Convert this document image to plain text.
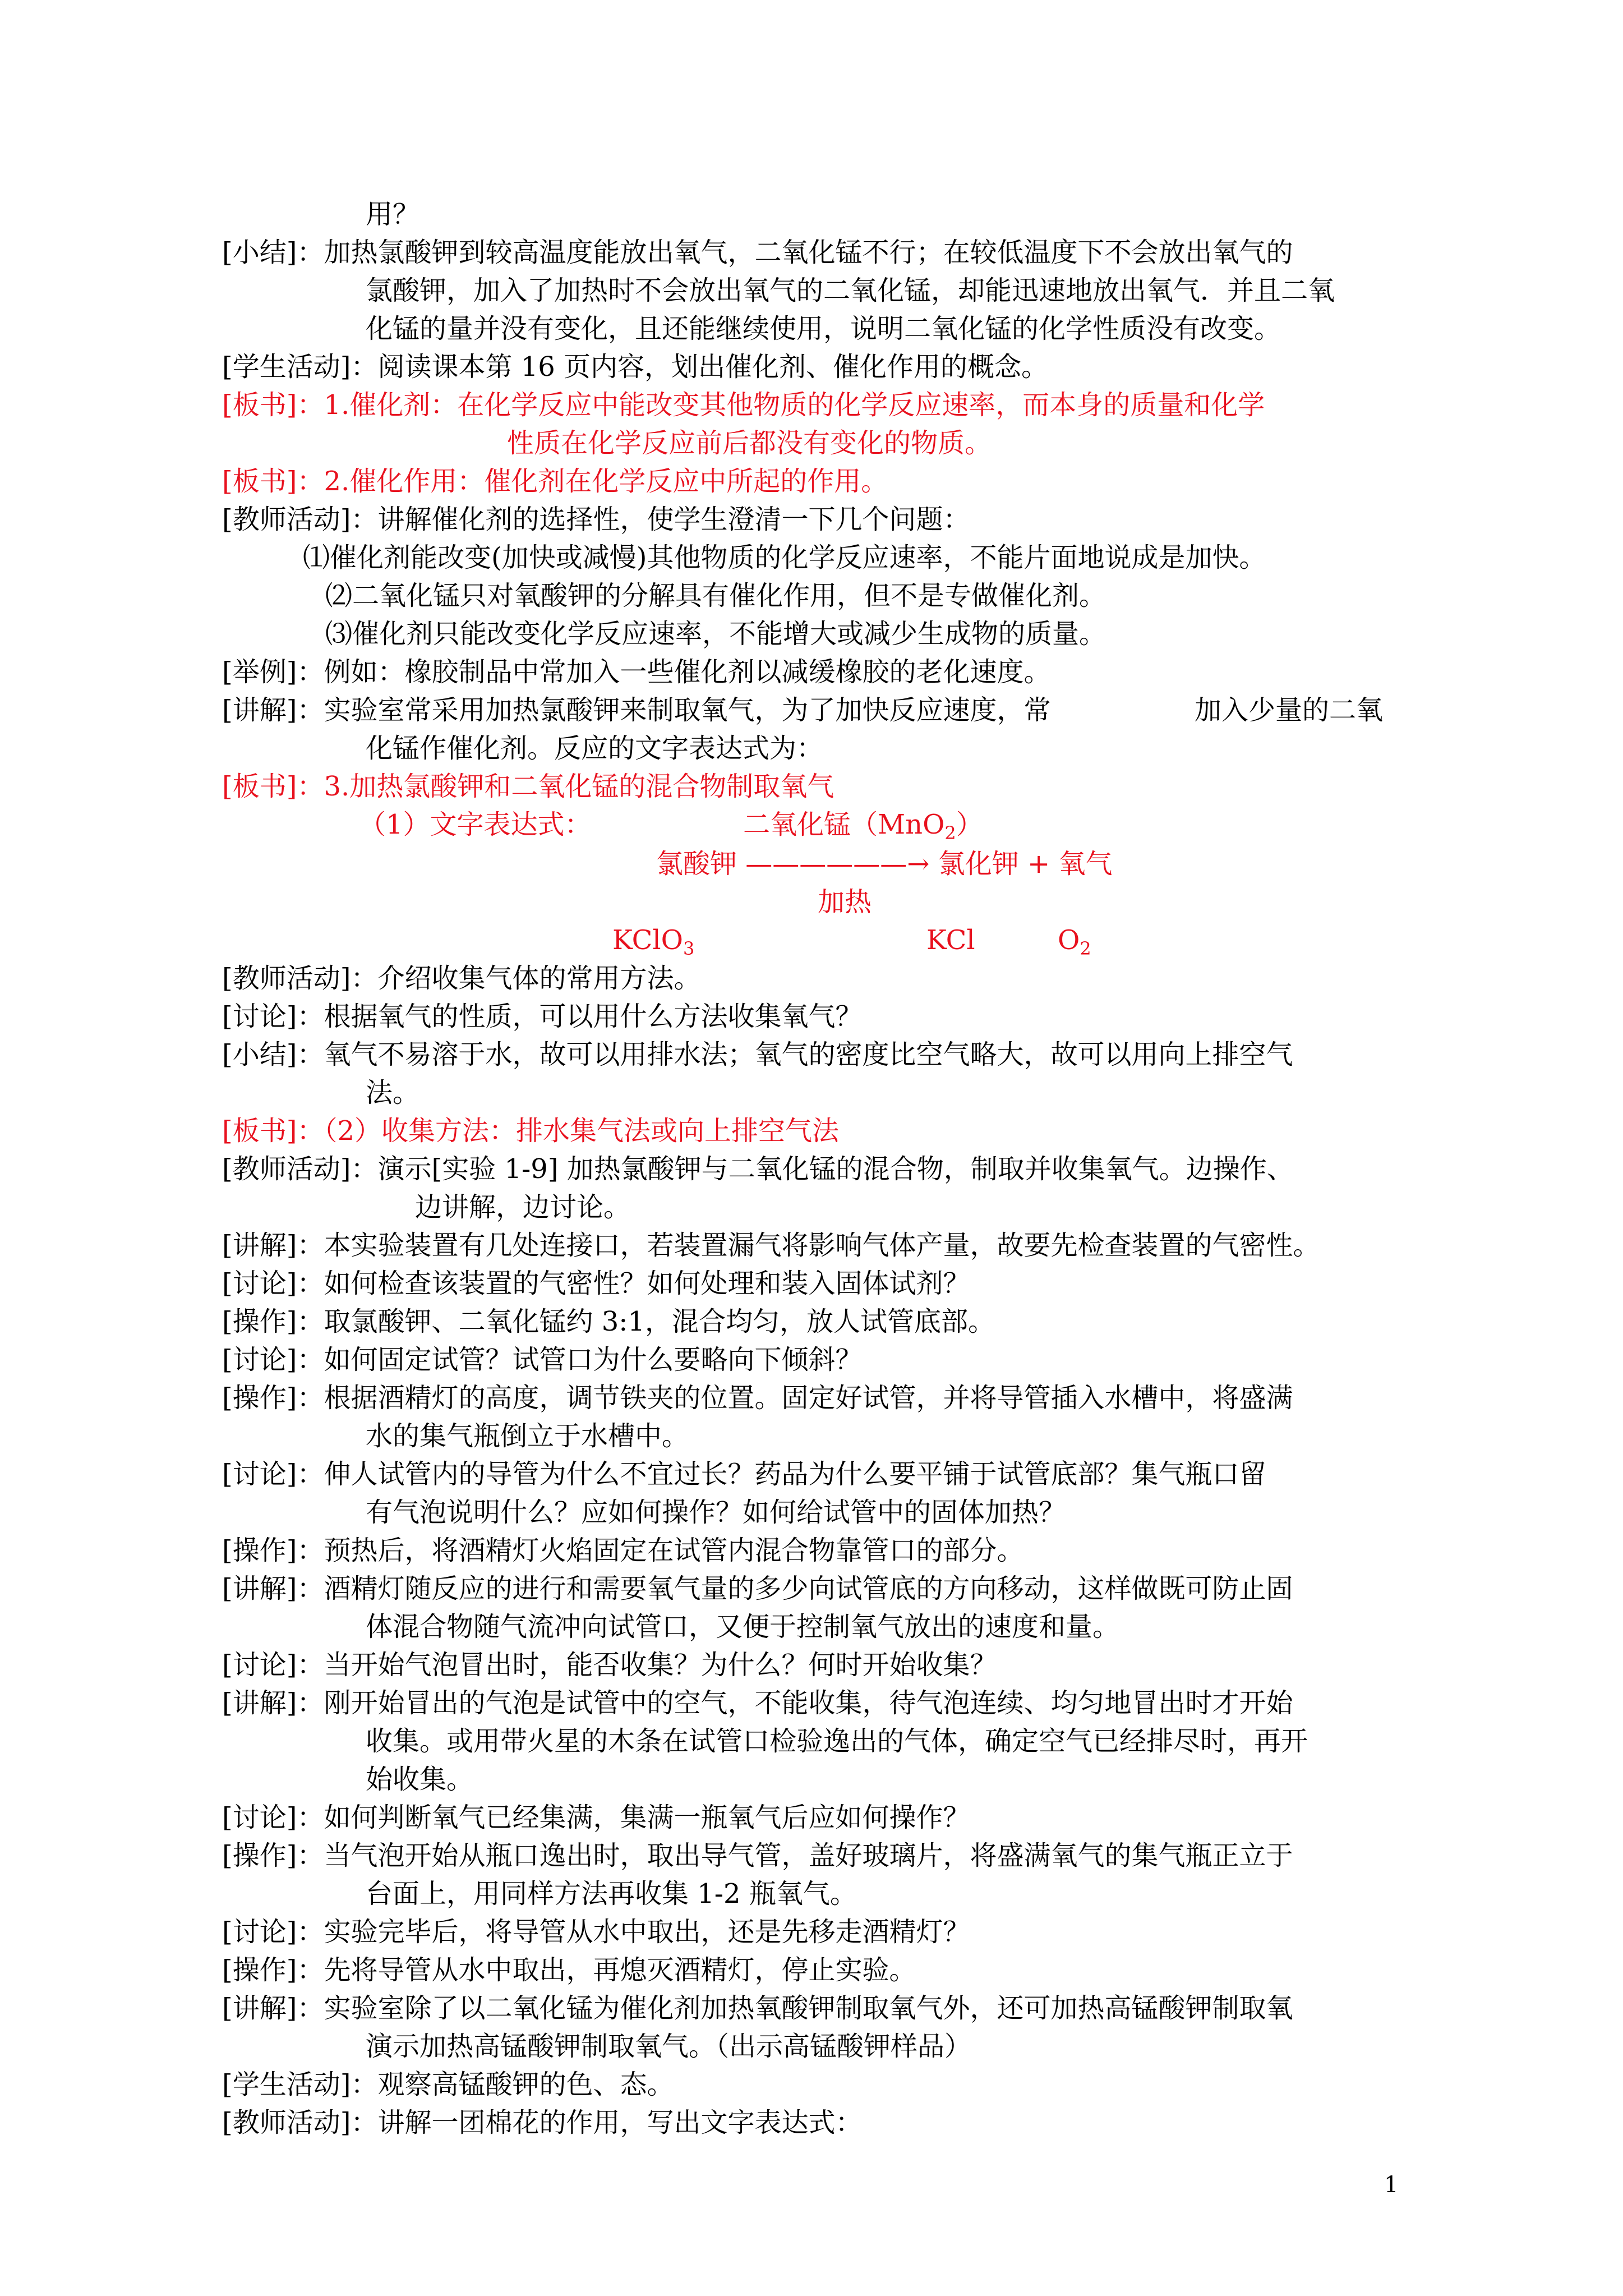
用？
[小结]：加热氯酸钾到较高温度能放出氧气，二氧化锰不行；在较低温度下不会放出氧气的
氯酸钾，加入了加热时不会放出氧气的二氧化锰，却能迅速地放出氧气．并且二氧
化锰的量并没有变化，且还能继续使用，说明二氧化锰的化学性质没有改变。
[学生活动]：阅读课本第 16 页内容，划出催化剂、催化作用的概念。
[板书]：1.催化剂：在化学反应中能改变其他物质的化学反应速率，而本身的质量和化学
性质在化学反应前后都没有变化的物质。
[板书]：2.催化作用：催化剂在化学反应中所起的作用。
[教师活动]：讲解催化剂的选择性，使学生澄清一下几个问题：
⑴催化剂能改变(加快或减慢)其他物质的化学反应速率，不能片面地说成是加快。
⑵二氧化锰只对氧酸钾的分解具有催化作用，但不是专做催化剂。
⑶催化剂只能改变化学反应速率，不能增大或减少生成物的质量。
[举例]：例如：橡胶制品中常加入一些催化剂以减缓橡胶的老化速度。
[讲解]：实验室常采用加热氯酸钾来制取氧气，为了加快反应速度，常	加入少量的二氧
化锰作催化剂。反应的文字表达式为：
[板书]：3.加热氯酸钾和二氧化锰的混合物制取氧气
（1）文字表达式：	二氧化锰（MnO$_2$）
氯酸钾 ——————→ 氯化钾 + 氧气
加热
KClO$_3$	KCl	$O_2$
[教师活动]：介绍收集气体的常用方法。
[讨论]：根据氧气的性质，可以用什么方法收集氧气？
[小结]：氧气不易溶于水，故可以用排水法；氧气的密度比空气略大，故可以用向上排空气
法。
[板书]：（2）收集方法：排水集气法或向上排空气法
[教师活动]：演示[实验 1-9] 加热氯酸钾与二氧化锰的混合物，制取并收集氧气。边操作、
边讲解，边讨论。
[讲解]：本实验装置有几处连接口，若装置漏气将影响气体产量，故要先检查装置的气密性。
[讨论]：如何检查该装置的气密性？如何处理和装入固体试剂？
[操作]：取氯酸钾、二氧化锰约 3:1，混合均匀，放人试管底部。
[讨论]：如何固定试管？试管口为什么要略向下倾斜？
[操作]：根据酒精灯的高度，调节铁夹的位置。固定好试管，并将导管插入水槽中，将盛满
水的集气瓶倒立于水槽中。
[讨论]：伸人试管内的导管为什么不宜过长？药品为什么要平铺于试管底部？集气瓶口留
有气泡说明什么？应如何操作？如何给试管中的固体加热？
[操作]：预热后，将酒精灯火焰固定在试管内混合物靠管口的部分。
[讲解]：酒精灯随反应的进行和需要氧气量的多少向试管底的方向移动，这样做既可防止固
体混合物随气流冲向试管口，又便于控制氧气放出的速度和量。
[讨论]：当开始气泡冒出时，能否收集？为什么？何时开始收集？
[讲解]：刚开始冒出的气泡是试管中的空气，不能收集，待气泡连续、均匀地冒出时才开始
收集。或用带火星的木条在试管口检验逸出的气体，确定空气已经排尽时，再开
始收集。
[讨论]：如何判断氧气已经集满，集满一瓶氧气后应如何操作？
[操作]：当气泡开始从瓶口逸出时，取出导气管，盖好玻璃片，将盛满氧气的集气瓶正立于
台面上，用同样方法再收集 1-2 瓶氧气。
[讨论]：实验完毕后，将导管从水中取出，还是先移走酒精灯？
[操作]：先将导管从水中取出，再熄灭酒精灯，停止实验。
[讲解]：实验室除了以二氧化锰为催化剂加热氧酸钾制取氧气外，还可加热高锰酸钾制取氧
演示加热高锰酸钾制取氧气。（出示高锰酸钾样品）
[学生活动]：观察高锰酸钾的色、态。
[教师活动]：讲解一团棉花的作用，写出文字表达式：
1
